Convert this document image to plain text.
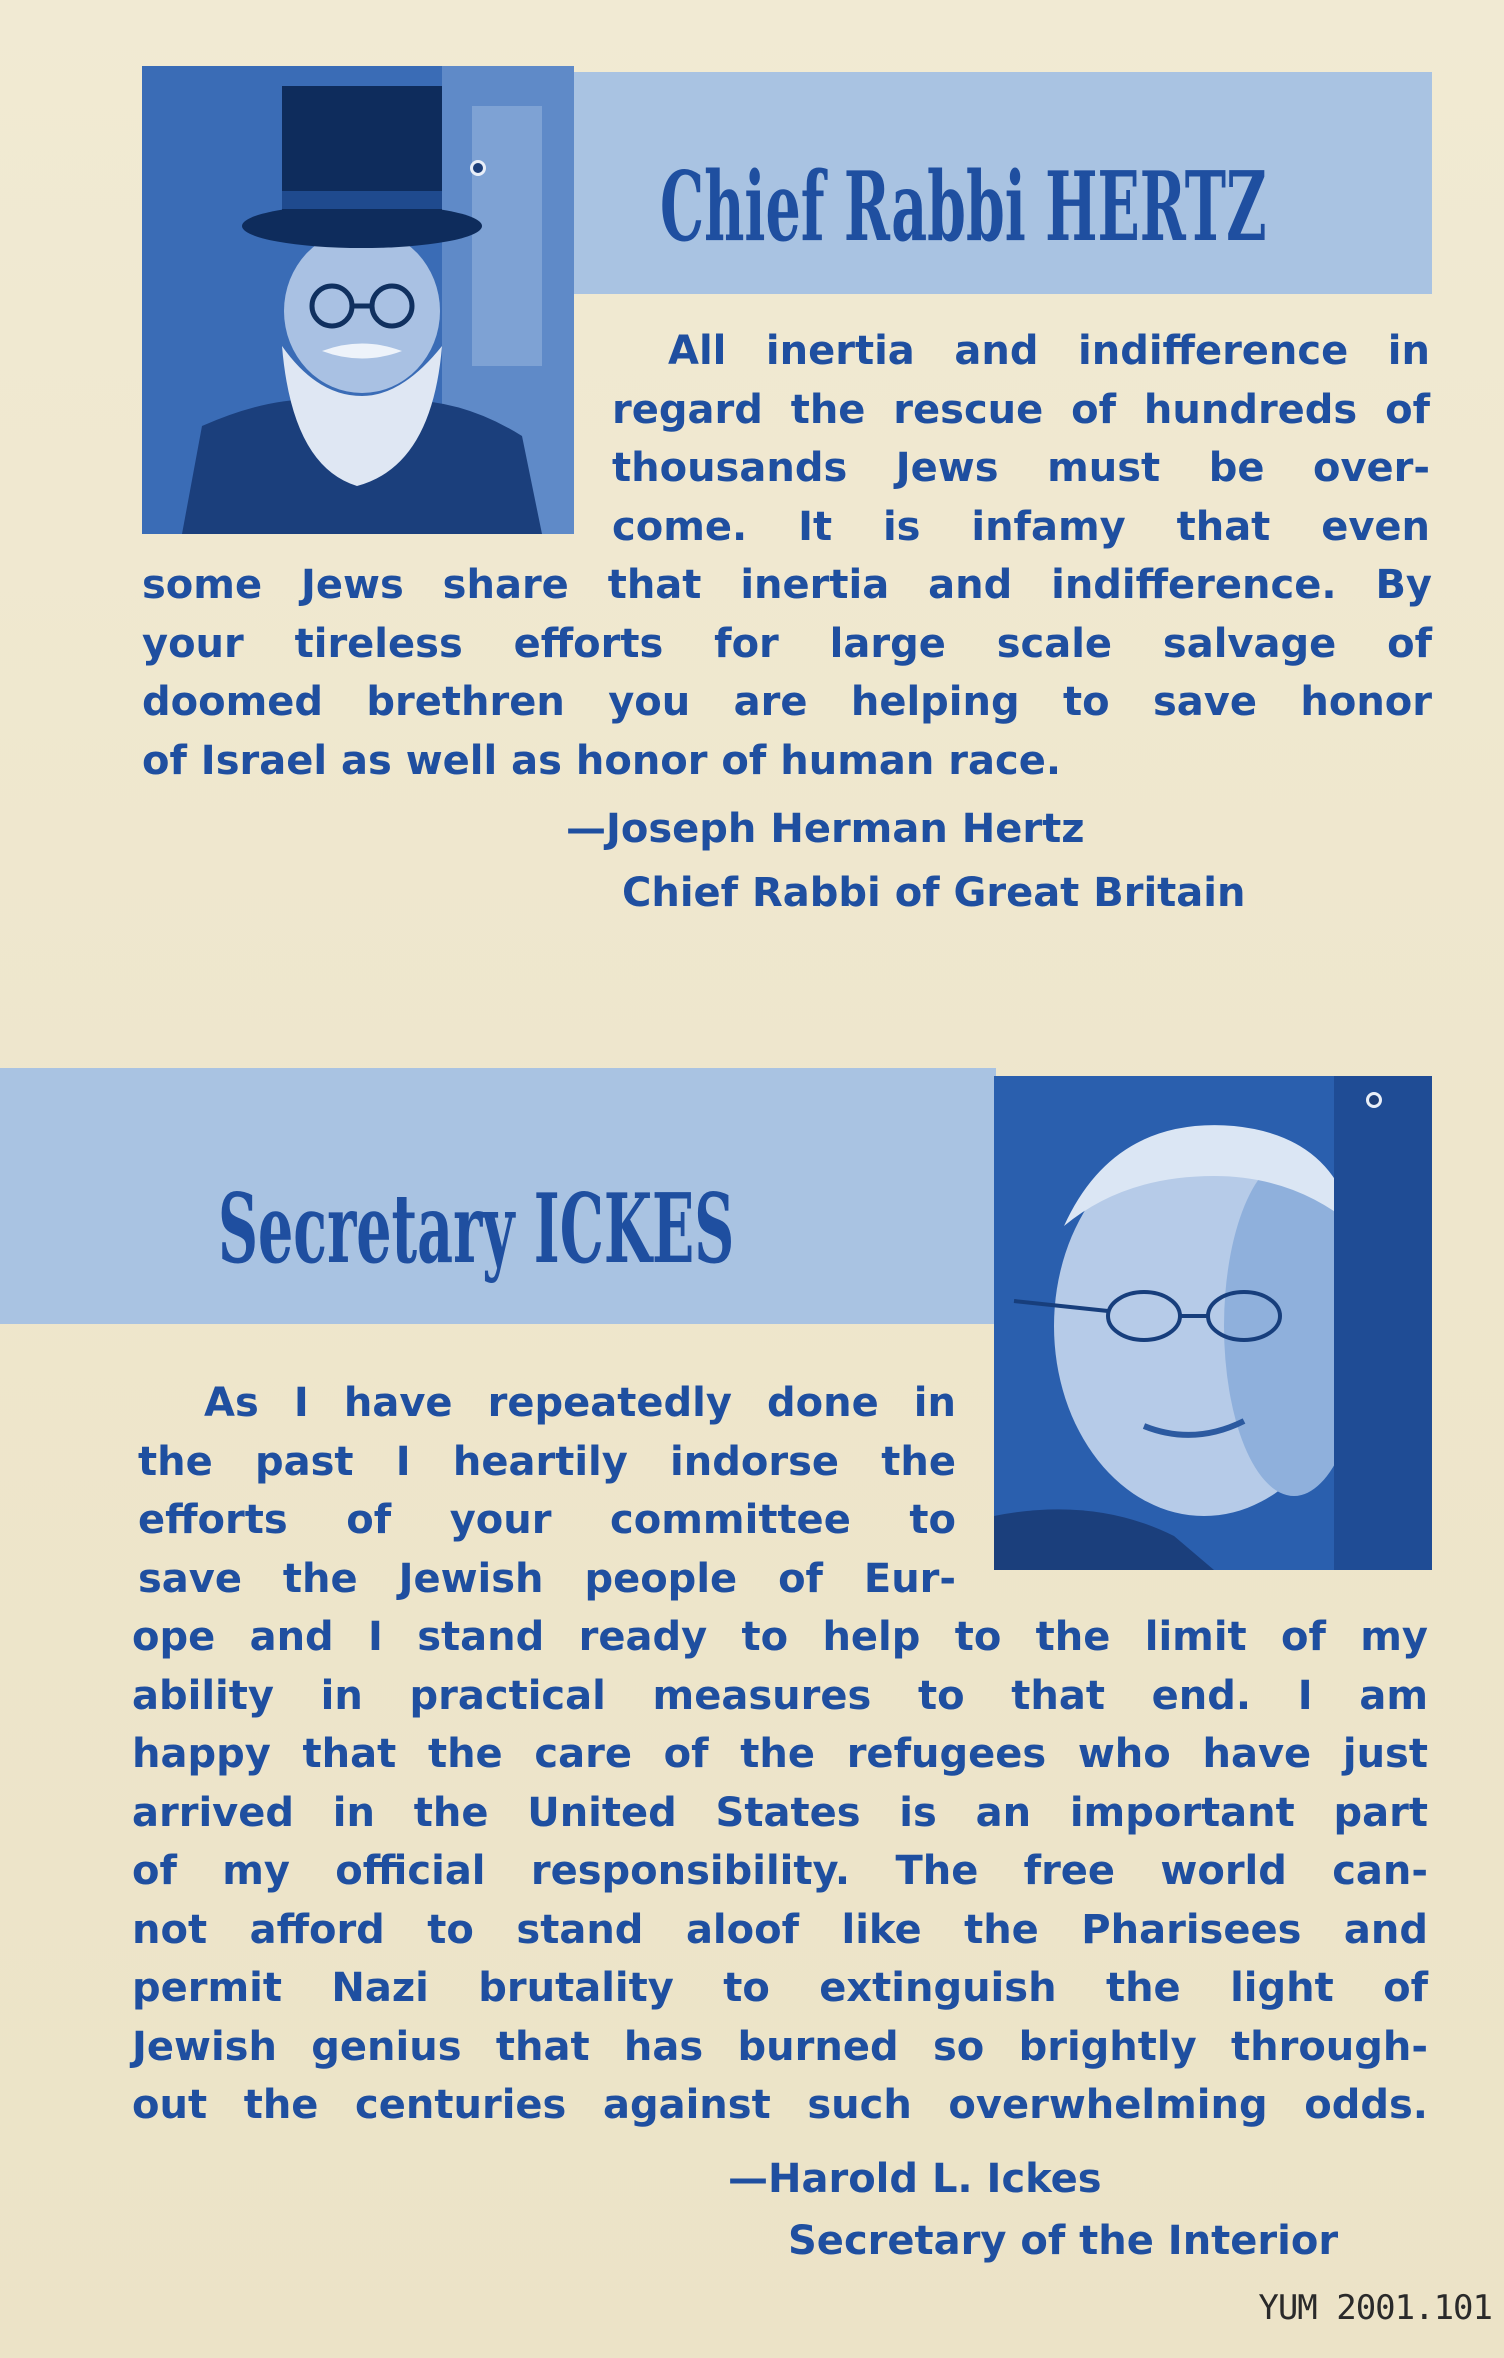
Chief Rabbi HERTZ

All inertia and indifference in
regard the rescue of hundreds of
thousands Jews must be over-
come. It is infamy that even

some Jews share that inertia and indifference. By
your tireless efforts for large scale salvage of
doomed brethren you are helping to save honor
of Israel as well as honor of human race.

—Joseph Herman Hertz

Chief Rabbi of Great Britain

Secretary ICKES

As I have repeatedly done in
the past I heartily indorse the
efforts of your committee to
save the Jewish people of Eur-

ope and I stand ready to help to the limit of my
ability in practical measures to that end. I am
happy that the care of the refugees who have just
arrived in the United States is an important part
of my official responsibility. The free world can-
not afford to stand aloof like the Pharisees and
permit Nazi brutality to extinguish the light of
Jewish genius that has burned so brightly through-
out the centuries against such overwhelming odds.

—Harold L. Ickes

Secretary of the Interior

YUM 2001.101
